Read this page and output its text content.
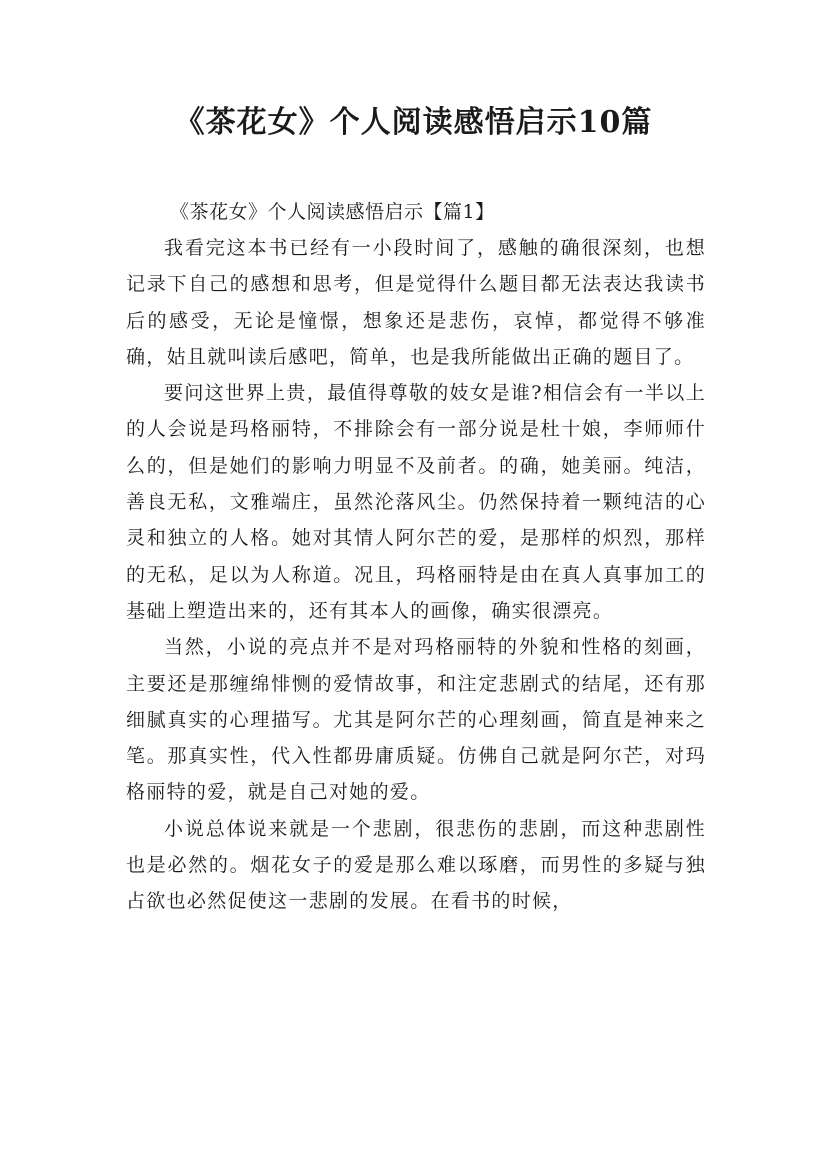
《茶花女》个人阅读感悟启示10篇
《茶花女》个人阅读感悟启示【篇1】

我看完这本书已经有一小段时间了，感触的确很深刻，也想记录下自己的感想和思考，但是觉得什么题目都无法表达我读书后的感受，无论是憧憬，想象还是悲伤，哀悼，都觉得不够准确，姑且就叫读后感吧，简单，也是我所能做出正确的题目了。

要问这世界上贵，最值得尊敬的妓女是谁?相信会有一半以上的人会说是玛格丽特，不排除会有一部分说是杜十娘，李师师什么的，但是她们的影响力明显不及前者。的确，她美丽。纯洁，善良无私，文雅端庄，虽然沦落风尘。仍然保持着一颗纯洁的心灵和独立的人格。她对其情人阿尔芒的爱，是那样的炽烈，那样的无私，足以为人称道。况且，玛格丽特是由在真人真事加工的基础上塑造出来的，还有其本人的画像，确实很漂亮。

当然，小说的亮点并不是对玛格丽特的外貌和性格的刻画，主要还是那缠绵悱恻的爱情故事，和注定悲剧式的结尾，还有那细腻真实的心理描写。尤其是阿尔芒的心理刻画，简直是神来之笔。那真实性，代入性都毋庸质疑。仿佛自己就是阿尔芒，对玛格丽特的爱，就是自己对她的爱。

小说总体说来就是一个悲剧，很悲伤的悲剧，而这种悲剧性也是必然的。烟花女子的爱是那么难以琢磨，而男性的多疑与独占欲也必然促使这一悲剧的发展。在看书的时候，
